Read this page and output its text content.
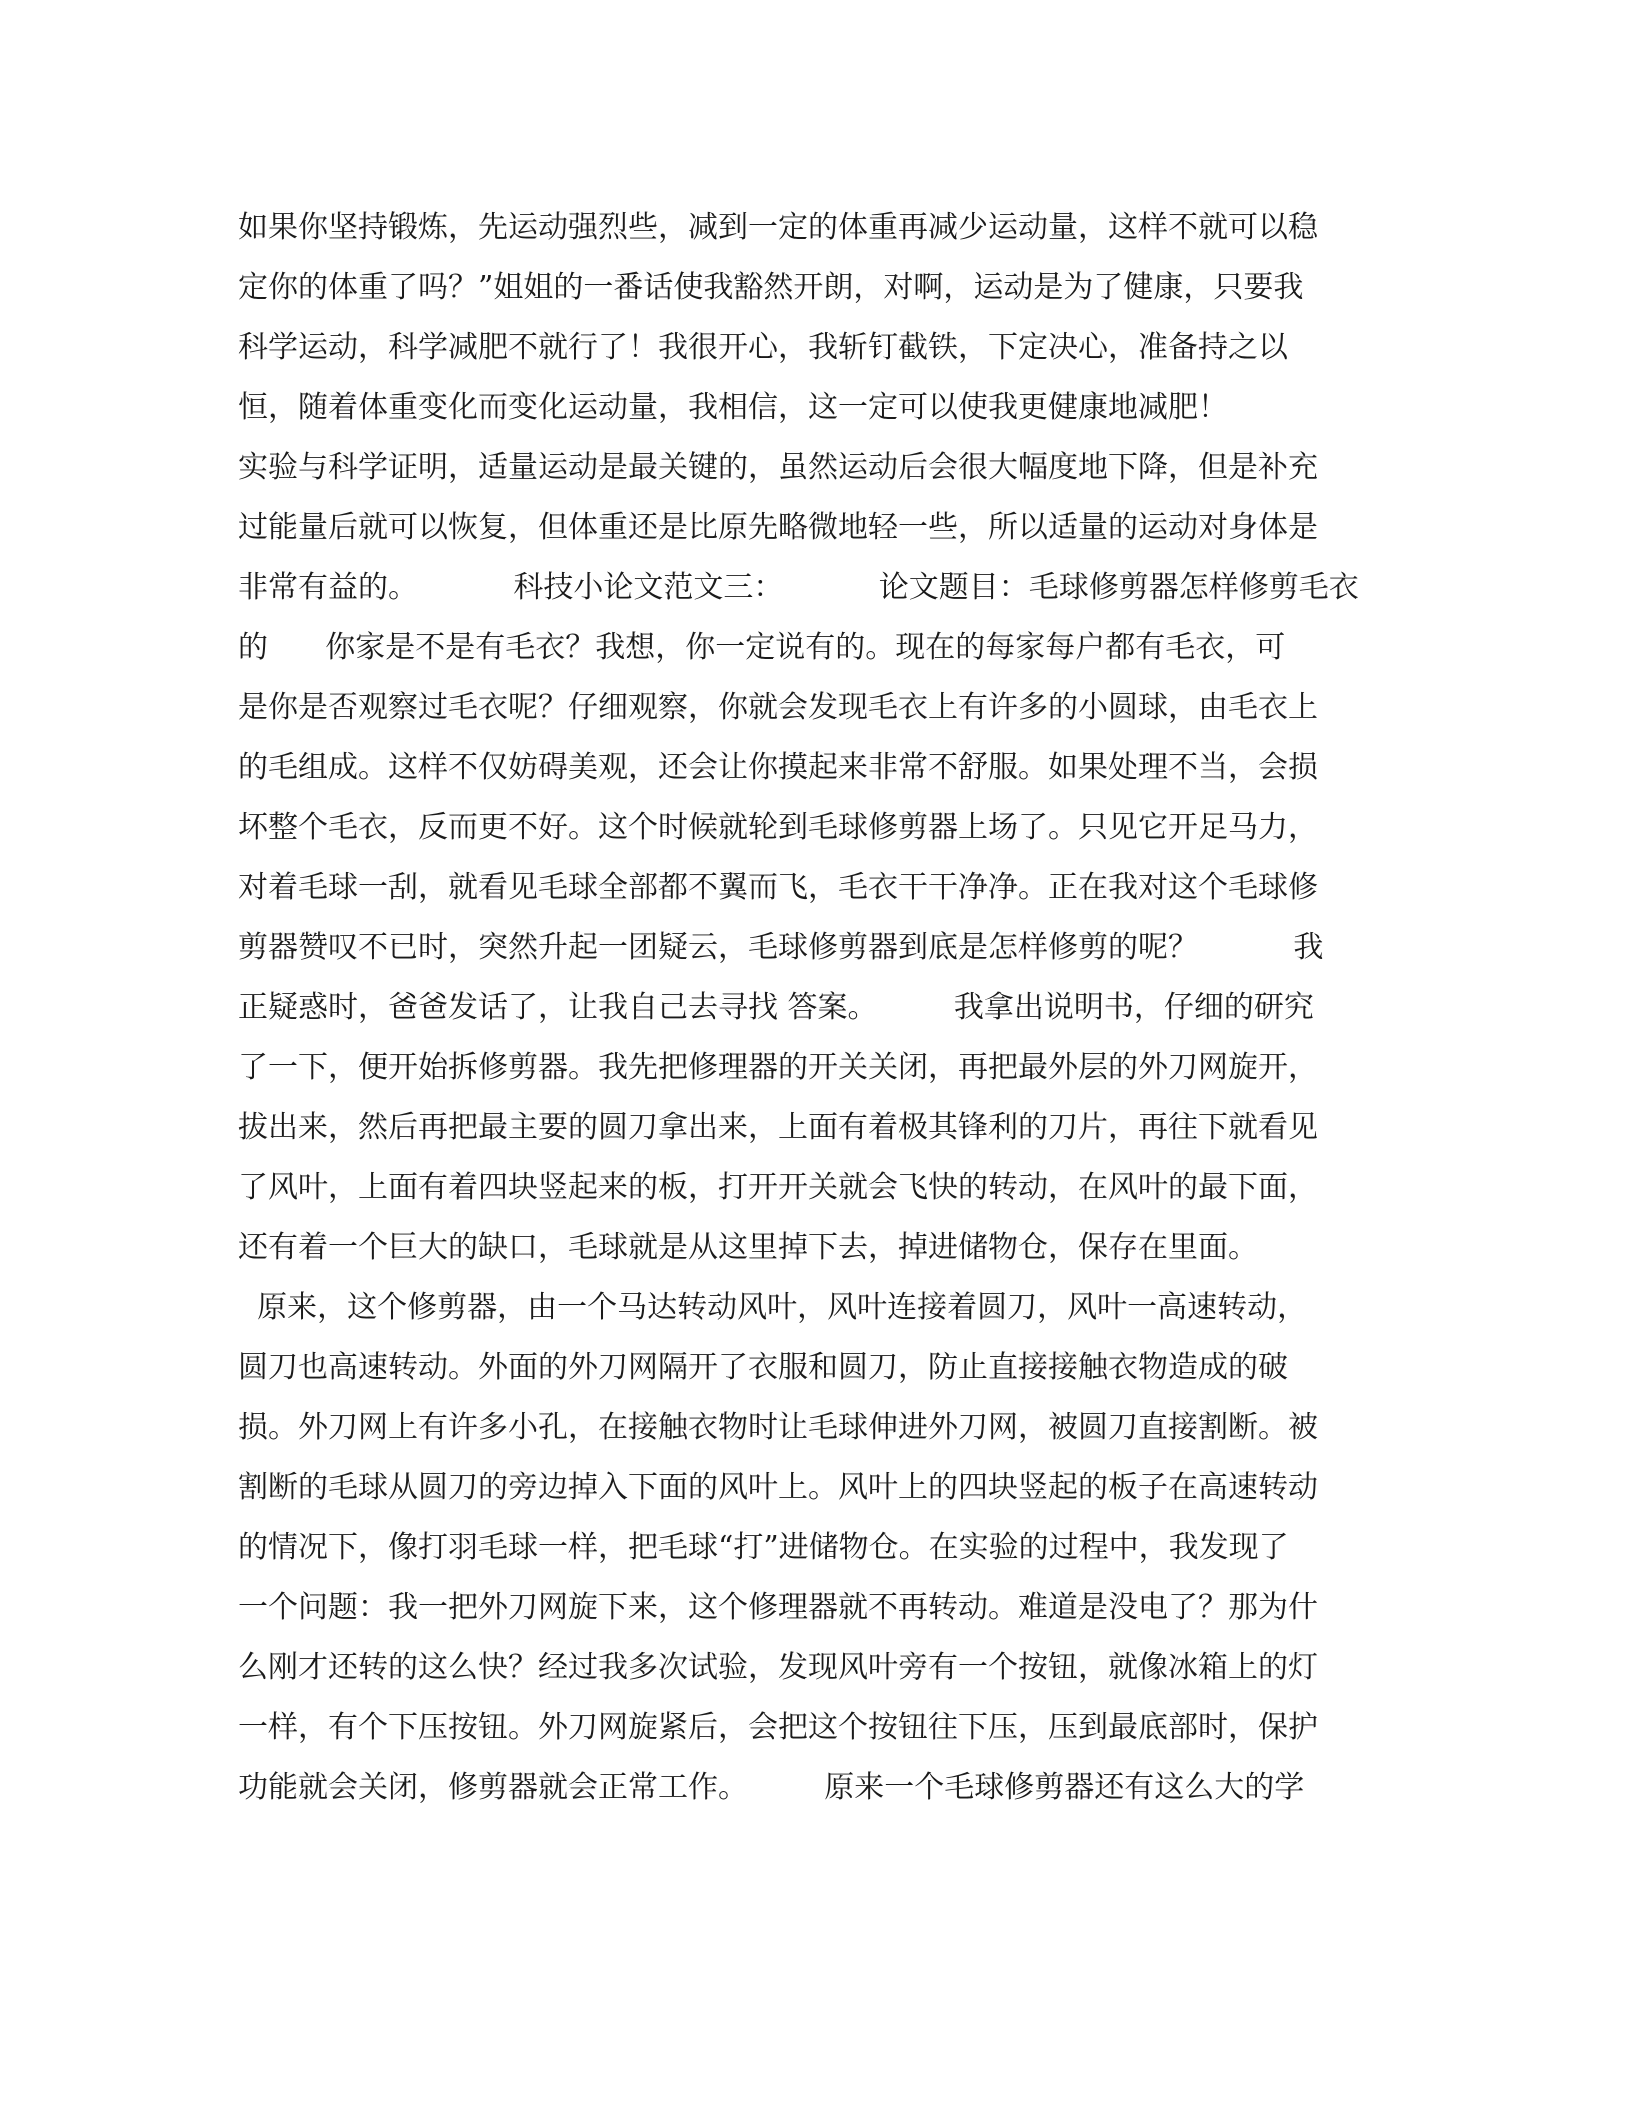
如果你坚持锻炼，先运动强烈些，减到一定的体重再减少运动量，这样不就可以稳
定你的体重了吗？”姐姐的一番话使我豁然开朗，对啊，运动是为了健康，只要我
科学运动，科学减肥不就行了！我很开心，我斩钉截铁，下定决心，准备持之以
恒，随着体重变化而变化运动量，我相信，这一定可以使我更健康地减肥！
实验与科学证明，适量运动是最关键的，虽然运动后会很大幅度地下降，但是补充
过能量后就可以恢复，但体重还是比原先略微地轻一些，所以适量的运动对身体是
非常有益的。          科技小论文范文三：          论文题目：毛球修剪器怎样修剪毛衣
的      你家是不是有毛衣？我想，你一定说有的。现在的每家每户都有毛衣，可
是你是否观察过毛衣呢？仔细观察，你就会发现毛衣上有许多的小圆球，由毛衣上
的毛组成。这样不仅妨碍美观，还会让你摸起来非常不舒服。如果处理不当，会损
坏整个毛衣，反而更不好。这个时候就轮到毛球修剪器上场了。只见它开足马力，
对着毛球一刮，就看见毛球全部都不翼而飞，毛衣干干净净。正在我对这个毛球修
剪器赞叹不已时，突然升起一团疑云，毛球修剪器到底是怎样修剪的呢？          我
正疑惑时，爸爸发话了，让我自己去寻找 答案。        我拿出说明书，仔细的研究
了一下，便开始拆修剪器。我先把修理器的开关关闭，再把最外层的外刀网旋开，
拔出来，然后再把最主要的圆刀拿出来，上面有着极其锋利的刀片，再往下就看见
了风叶，上面有着四块竖起来的板，打开开关就会飞快的转动，在风叶的最下面，
还有着一个巨大的缺口，毛球就是从这里掉下去，掉进储物仓，保存在里面。
原来，这个修剪器，由一个马达转动风叶，风叶连接着圆刀，风叶一高速转动，
圆刀也高速转动。外面的外刀网隔开了衣服和圆刀，防止直接接触衣物造成的破
损。外刀网上有许多小孔，在接触衣物时让毛球伸进外刀网，被圆刀直接割断。被
割断的毛球从圆刀的旁边掉入下面的风叶上。风叶上的四块竖起的板子在高速转动
的情况下，像打羽毛球一样，把毛球“打”进储物仓。在实验的过程中，我发现了
一个问题：我一把外刀网旋下来，这个修理器就不再转动。难道是没电了？那为什
么刚才还转的这么快？经过我多次试验，发现风叶旁有一个按钮，就像冰箱上的灯
一样，有个下压按钮。外刀网旋紧后，会把这个按钮往下压，压到最底部时，保护
功能就会关闭，修剪器就会正常工作。        原来一个毛球修剪器还有这么大的学
